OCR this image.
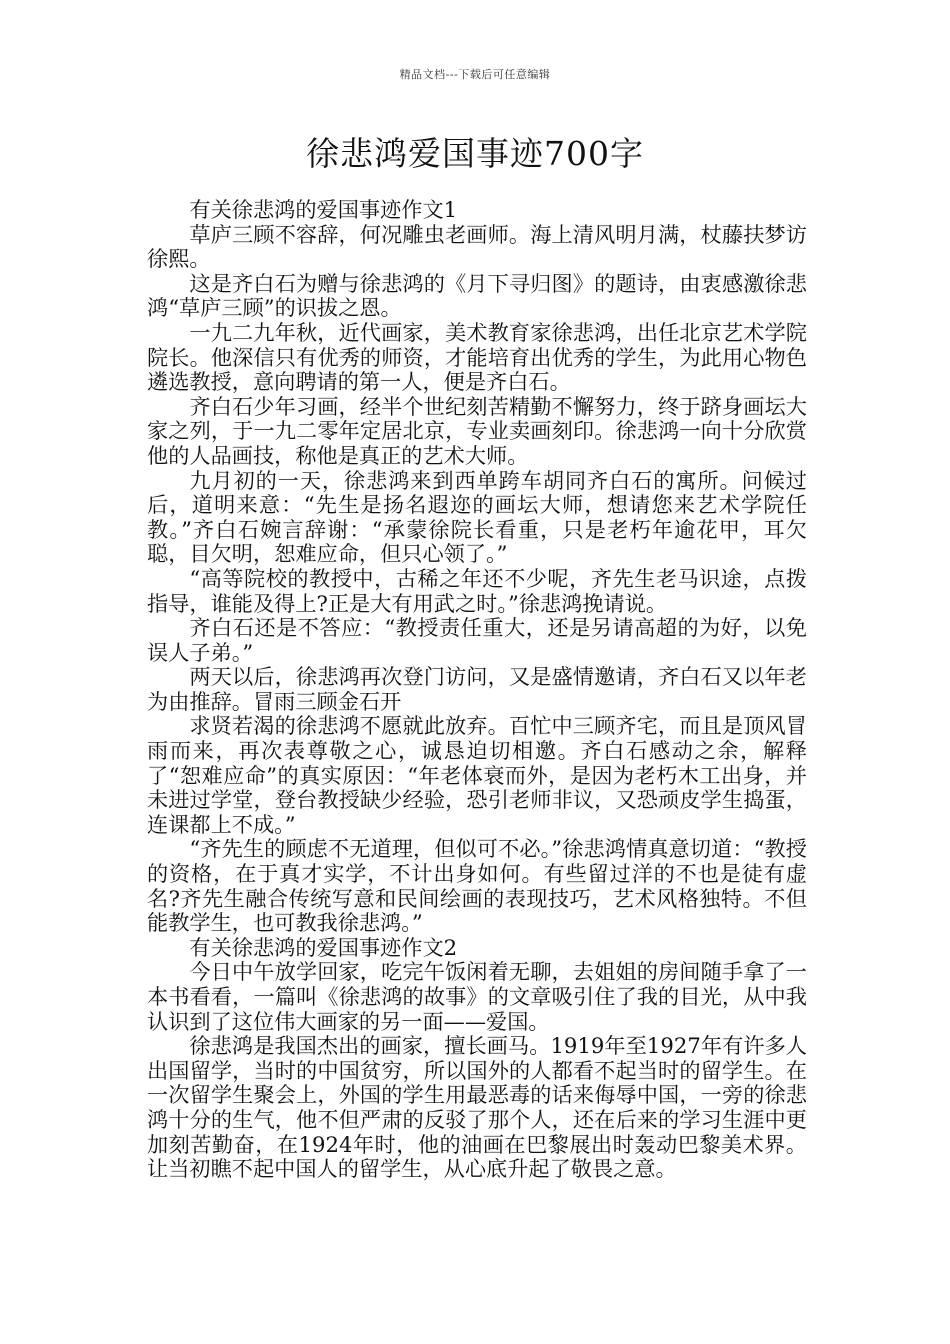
精品文档---下载后可任意编辑
徐悲鸿爱国事迹700字

有关徐悲鸿的爱国事迹作文1

草庐三顾不容辞，何况雕虫老画师。海上清风明月满，杖藤扶梦访徐熙。

这是齐白石为赠与徐悲鸿的《月下寻归图》的题诗，由衷感激徐悲鸿“草庐三顾”的识拔之恩。

一九二九年秋，近代画家，美术教育家徐悲鸿，出任北京艺术学院院长。他深信只有优秀的师资，才能培育出优秀的学生，为此用心物色遴选教授，意向聘请的第一人，便是齐白石。

齐白石少年习画，经半个世纪刻苦精勤不懈努力，终于跻身画坛大家之列，于一九二零年定居北京，专业卖画刻印。徐悲鸿一向十分欣赏他的人品画技，称他是真正的艺术大师。

九月初的一天，徐悲鸿来到西单跨车胡同齐白石的寓所。问候过后，道明来意：“先生是扬名遐迩的画坛大师，想请您来艺术学院任教。”齐白石婉言辞谢：“承蒙徐院长看重，只是老朽年逾花甲，耳欠聪，目欠明，恕难应命，但只心领了。”

“高等院校的教授中，古稀之年还不少呢，齐先生老马识途，点拨指导，谁能及得上?正是大有用武之时。”徐悲鸿挽请说。

齐白石还是不答应：“教授责任重大，还是另请高超的为好，以免误人子弟。”

两天以后，徐悲鸿再次登门访问，又是盛情邀请，齐白石又以年老为由推辞。冒雨三顾金石开

求贤若渴的徐悲鸿不愿就此放弃。百忙中三顾齐宅，而且是顶风冒雨而来，再次表尊敬之心，诚恳迫切相邀。齐白石感动之余，解释了“恕难应命”的真实原因：“年老体衰而外，是因为老朽木工出身，并未进过学堂，登台教授缺少经验，恐引老师非议，又恐顽皮学生捣蛋，连课都上不成。”

“齐先生的顾虑不无道理，但似可不必。”徐悲鸿情真意切道：“教授的资格，在于真才实学，不计出身如何。有些留过洋的不也是徒有虚名?齐先生融合传统写意和民间绘画的表现技巧，艺术风格独特。不但能教学生，也可教我徐悲鸿。”

有关徐悲鸿的爱国事迹作文2

今日中午放学回家，吃完午饭闲着无聊，去姐姐的房间随手拿了一本书看看，一篇叫《徐悲鸿的故事》的文章吸引住了我的目光，从中我认识到了这位伟大画家的另一面——爱国。

徐悲鸿是我国杰出的画家，擅长画马。1919年至1927年有许多人出国留学，当时的中国贫穷，所以国外的人都看不起当时的留学生。在一次留学生聚会上，外国的学生用最恶毒的话来侮辱中国，一旁的徐悲鸿十分的生气，他不但严肃的反驳了那个人，还在后来的学习生涯中更加刻苦勤奋，在1924年时，他的油画在巴黎展出时轰动巴黎美术界。让当初瞧不起中国人的留学生，从心底升起了敬畏之意。
